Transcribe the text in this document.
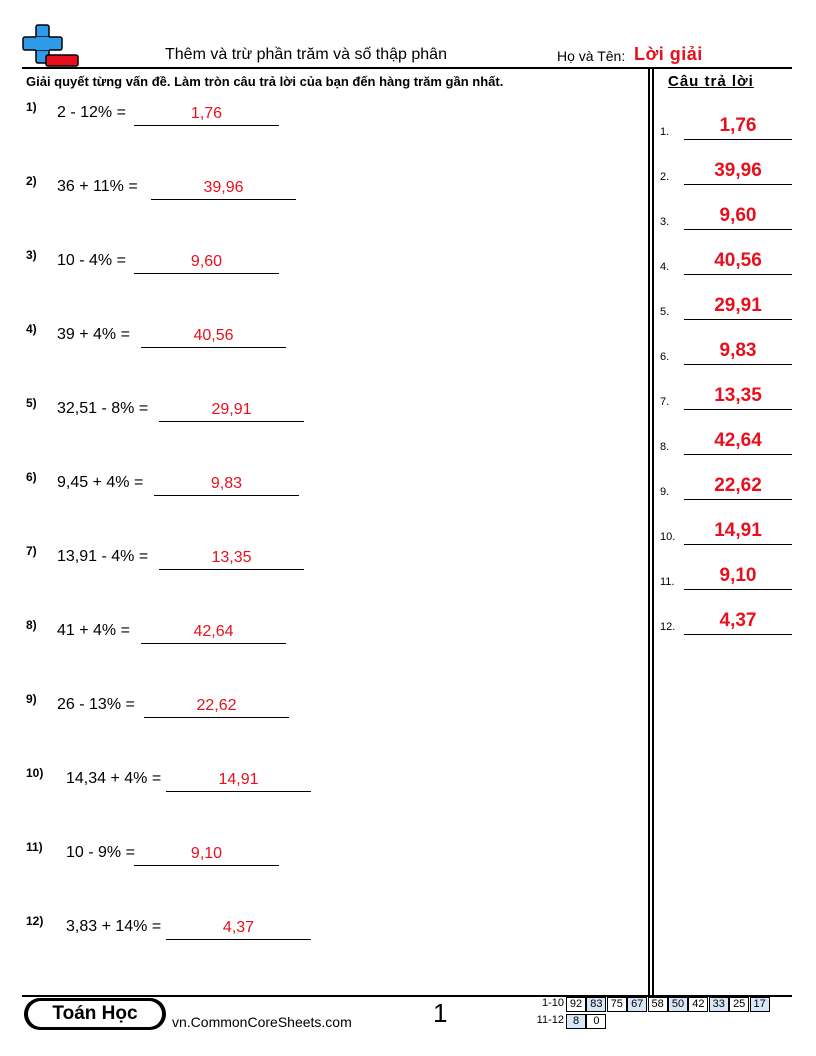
Thêm và trừ phần trăm và số thập phân	Họ và Tên: Lời giải
Giải quyết từng vấn đề. Làm tròn câu trả lời của bạn đến hàng trăm gần nhất.	Câu trả lời
1.	1,76
2.	39,96
3.	9,60
4.	40,56
5.	29,91
6.	9,83
7.	13,35
8.	42,64
9.	22,62
10.	14,91
11.	9,10
12.	4,37
1) 2 - 12% =	1,76
2) 36 + 11% =	39,96
3) 10 - 4% =	9,60
4) 39 + 4% =	40,56
5) 32,51 - 8% =	29,91
6) 9,45 + 4% =	9,83
7) 13,91 - 4% =	13,35
8) 41 + 4% =	42,64
9) 26 - 13% =	22,62
10) 14,34 + 4% =	14,91
11) 10 - 9% =	9,10
12) 3,83 + 14% =	4,37
Toán Học	vn.CommonCoreSheets.com	1	1-10 92 83 75 67 58 50 42 33 25 17
11-12 8	0
